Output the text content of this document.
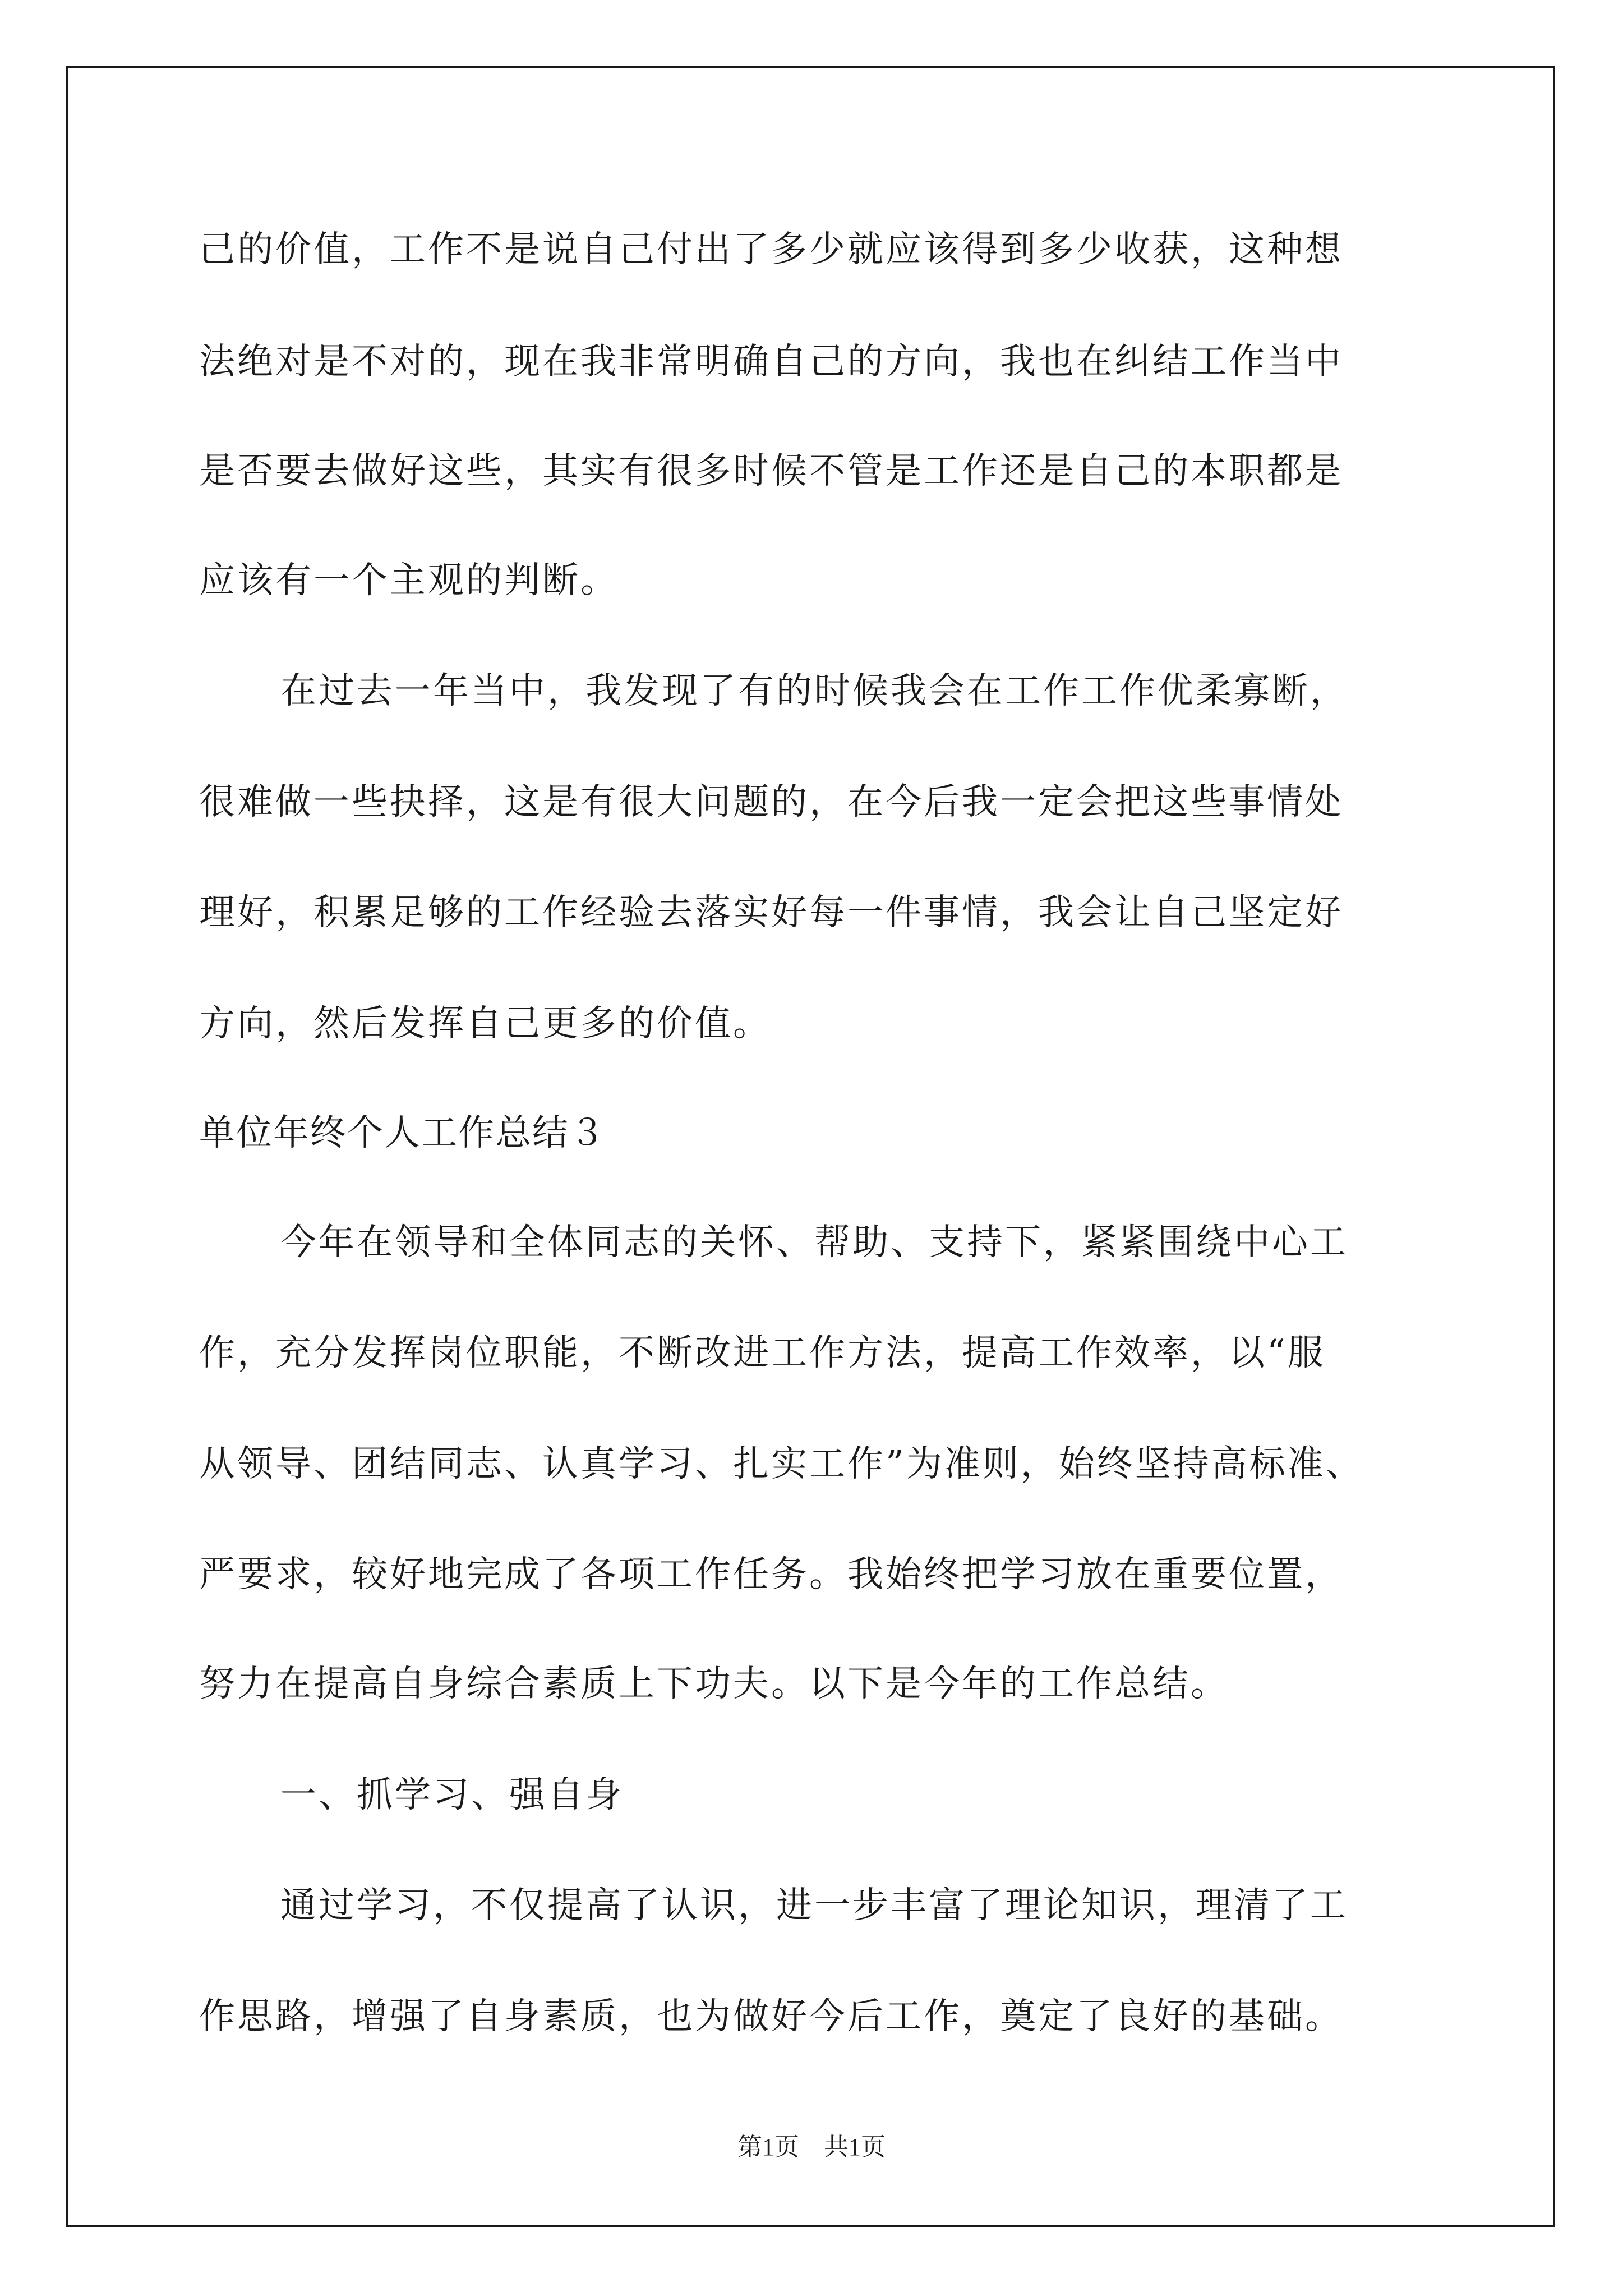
己的价值，工作不是说自己付出了多少就应该得到多少收获，这种想
法绝对是不对的，现在我非常明确自己的方向，我也在纠结工作当中
是否要去做好这些，其实有很多时候不管是工作还是自己的本职都是
应该有一个主观的判断。
在过去一年当中，我发现了有的时候我会在工作工作优柔寡断，
很难做一些抉择，这是有很大问题的，在今后我一定会把这些事情处
理好，积累足够的工作经验去落实好每一件事情，我会让自己坚定好
方向，然后发挥自己更多的价值。
单位年终个人工作总结３
今年在领导和全体同志的关怀、帮助、支持下，紧紧围绕中心工
作，充分发挥岗位职能，不断改进工作方法，提高工作效率，以“服
从领导、团结同志、认真学习、扎实工作”为准则，始终坚持高标准、
严要求，较好地完成了各项工作任务。我始终把学习放在重要位置，
努力在提高自身综合素质上下功夫。以下是今年的工作总结。
一、抓学习、强自身
通过学习，不仅提高了认识，进一步丰富了理论知识，理清了工
作思路，增强了自身素质，也为做好今后工作，奠定了良好的基础。
第1页　共1页
